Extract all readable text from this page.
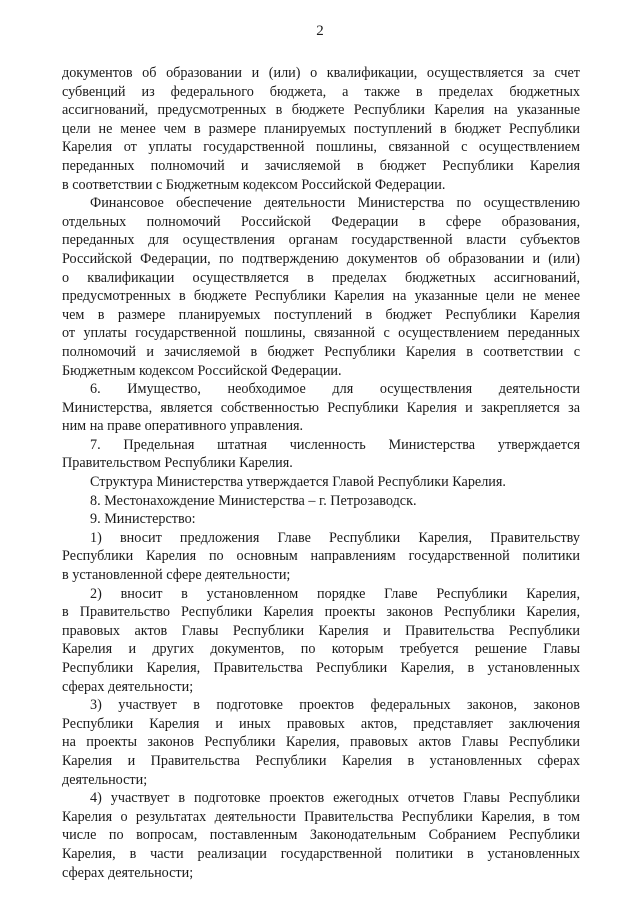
2
документов об образовании и (или) о квалификации, осуществляется за счет
субвенций из федерального бюджета, а также в пределах бюджетных
ассигнований, предусмотренных в бюджете Республики Карелия на указанные
цели не менее чем в размере планируемых поступлений в бюджет Республики
Карелия от уплаты государственной пошлины, связанной с осуществлением
переданных полномочий и зачисляемой в бюджет Республики Карелия
в соответствии с Бюджетным кодексом Российской Федерации.
Финансовое обеспечение деятельности Министерства по осуществлению
отдельных полномочий Российской Федерации в сфере образования,
переданных для осуществления органам государственной власти субъектов
Российской Федерации, по подтверждению документов об образовании и (или)
о квалификации осуществляется в пределах бюджетных ассигнований,
предусмотренных в бюджете Республики Карелия на указанные цели не менее
чем в размере планируемых поступлений в бюджет Республики Карелия
от уплаты государственной пошлины, связанной с осуществлением переданных
полномочий и зачисляемой в бюджет Республики Карелия в соответствии с
Бюджетным кодексом Российской Федерации.
6. Имущество, необходимое для осуществления деятельности
Министерства, является собственностью Республики Карелия и закрепляется за
ним на праве оперативного управления.
7. Предельная штатная численность Министерства утверждается
Правительством Республики Карелия.
Структура Министерства утверждается Главой Республики Карелия.
8. Местонахождение Министерства – г. Петрозаводск.
9. Министерство:
1) вносит предложения Главе Республики Карелия, Правительству
Республики Карелия по основным направлениям государственной политики
в установленной сфере деятельности;
2) вносит в установленном порядке Главе Республики Карелия,
в Правительство Республики Карелия проекты законов Республики Карелия,
правовых актов Главы Республики Карелия и Правительства Республики
Карелия и других документов, по которым требуется решение Главы
Республики Карелия, Правительства Республики Карелия, в установленных
сферах деятельности;
3) участвует в подготовке проектов федеральных законов, законов
Республики Карелия и иных правовых актов, представляет заключения
на проекты законов Республики Карелия, правовых актов Главы Республики
Карелия и Правительства Республики Карелия в установленных сферах
деятельности;
4) участвует в подготовке проектов ежегодных отчетов Главы Республики
Карелия о результатах деятельности Правительства Республики Карелия, в том
числе по вопросам, поставленным Законодательным Собранием Республики
Карелия, в части реализации государственной политики в установленных
сферах деятельности;
